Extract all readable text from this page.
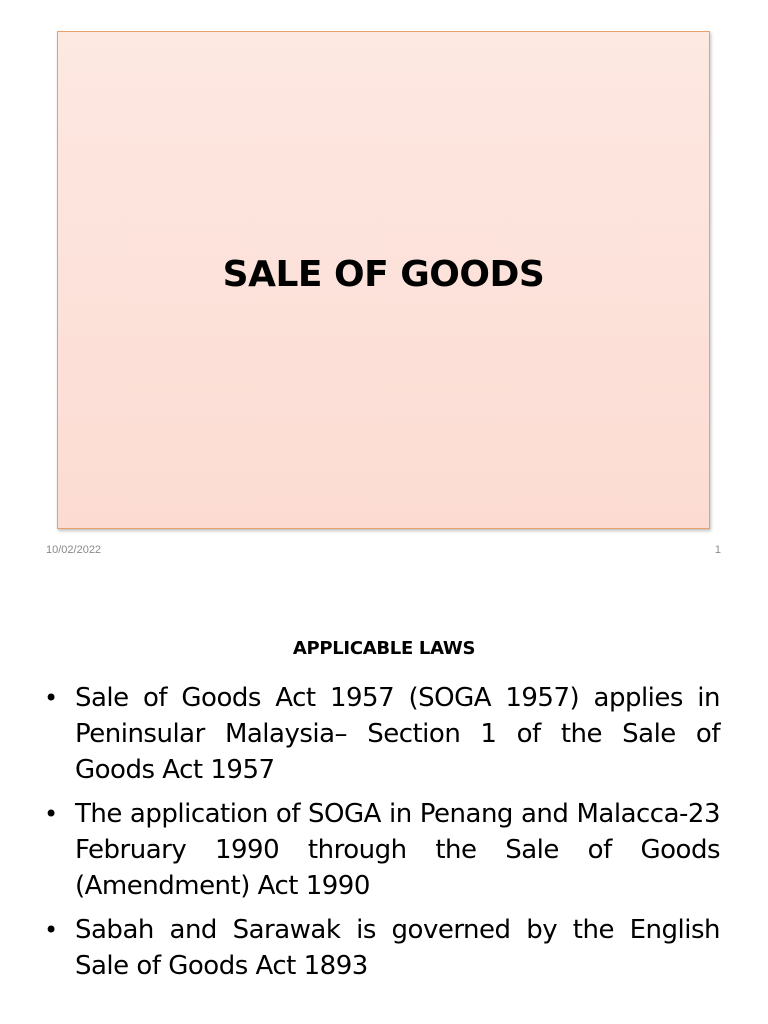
SALE OF GOODS
10/02/2022	1
APPLICABLE LAWS
• Sale of Goods Act 1957 (SOGA 1957) applies in Peninsular Malaysia– Section 1 of the Sale of Goods Act 1957
• The application of SOGA in Penang and Malacca-23 February 1990 through the Sale of Goods (Amendment) Act 1990
• Sabah and Sarawak is governed by the English Sale of Goods Act 1893
